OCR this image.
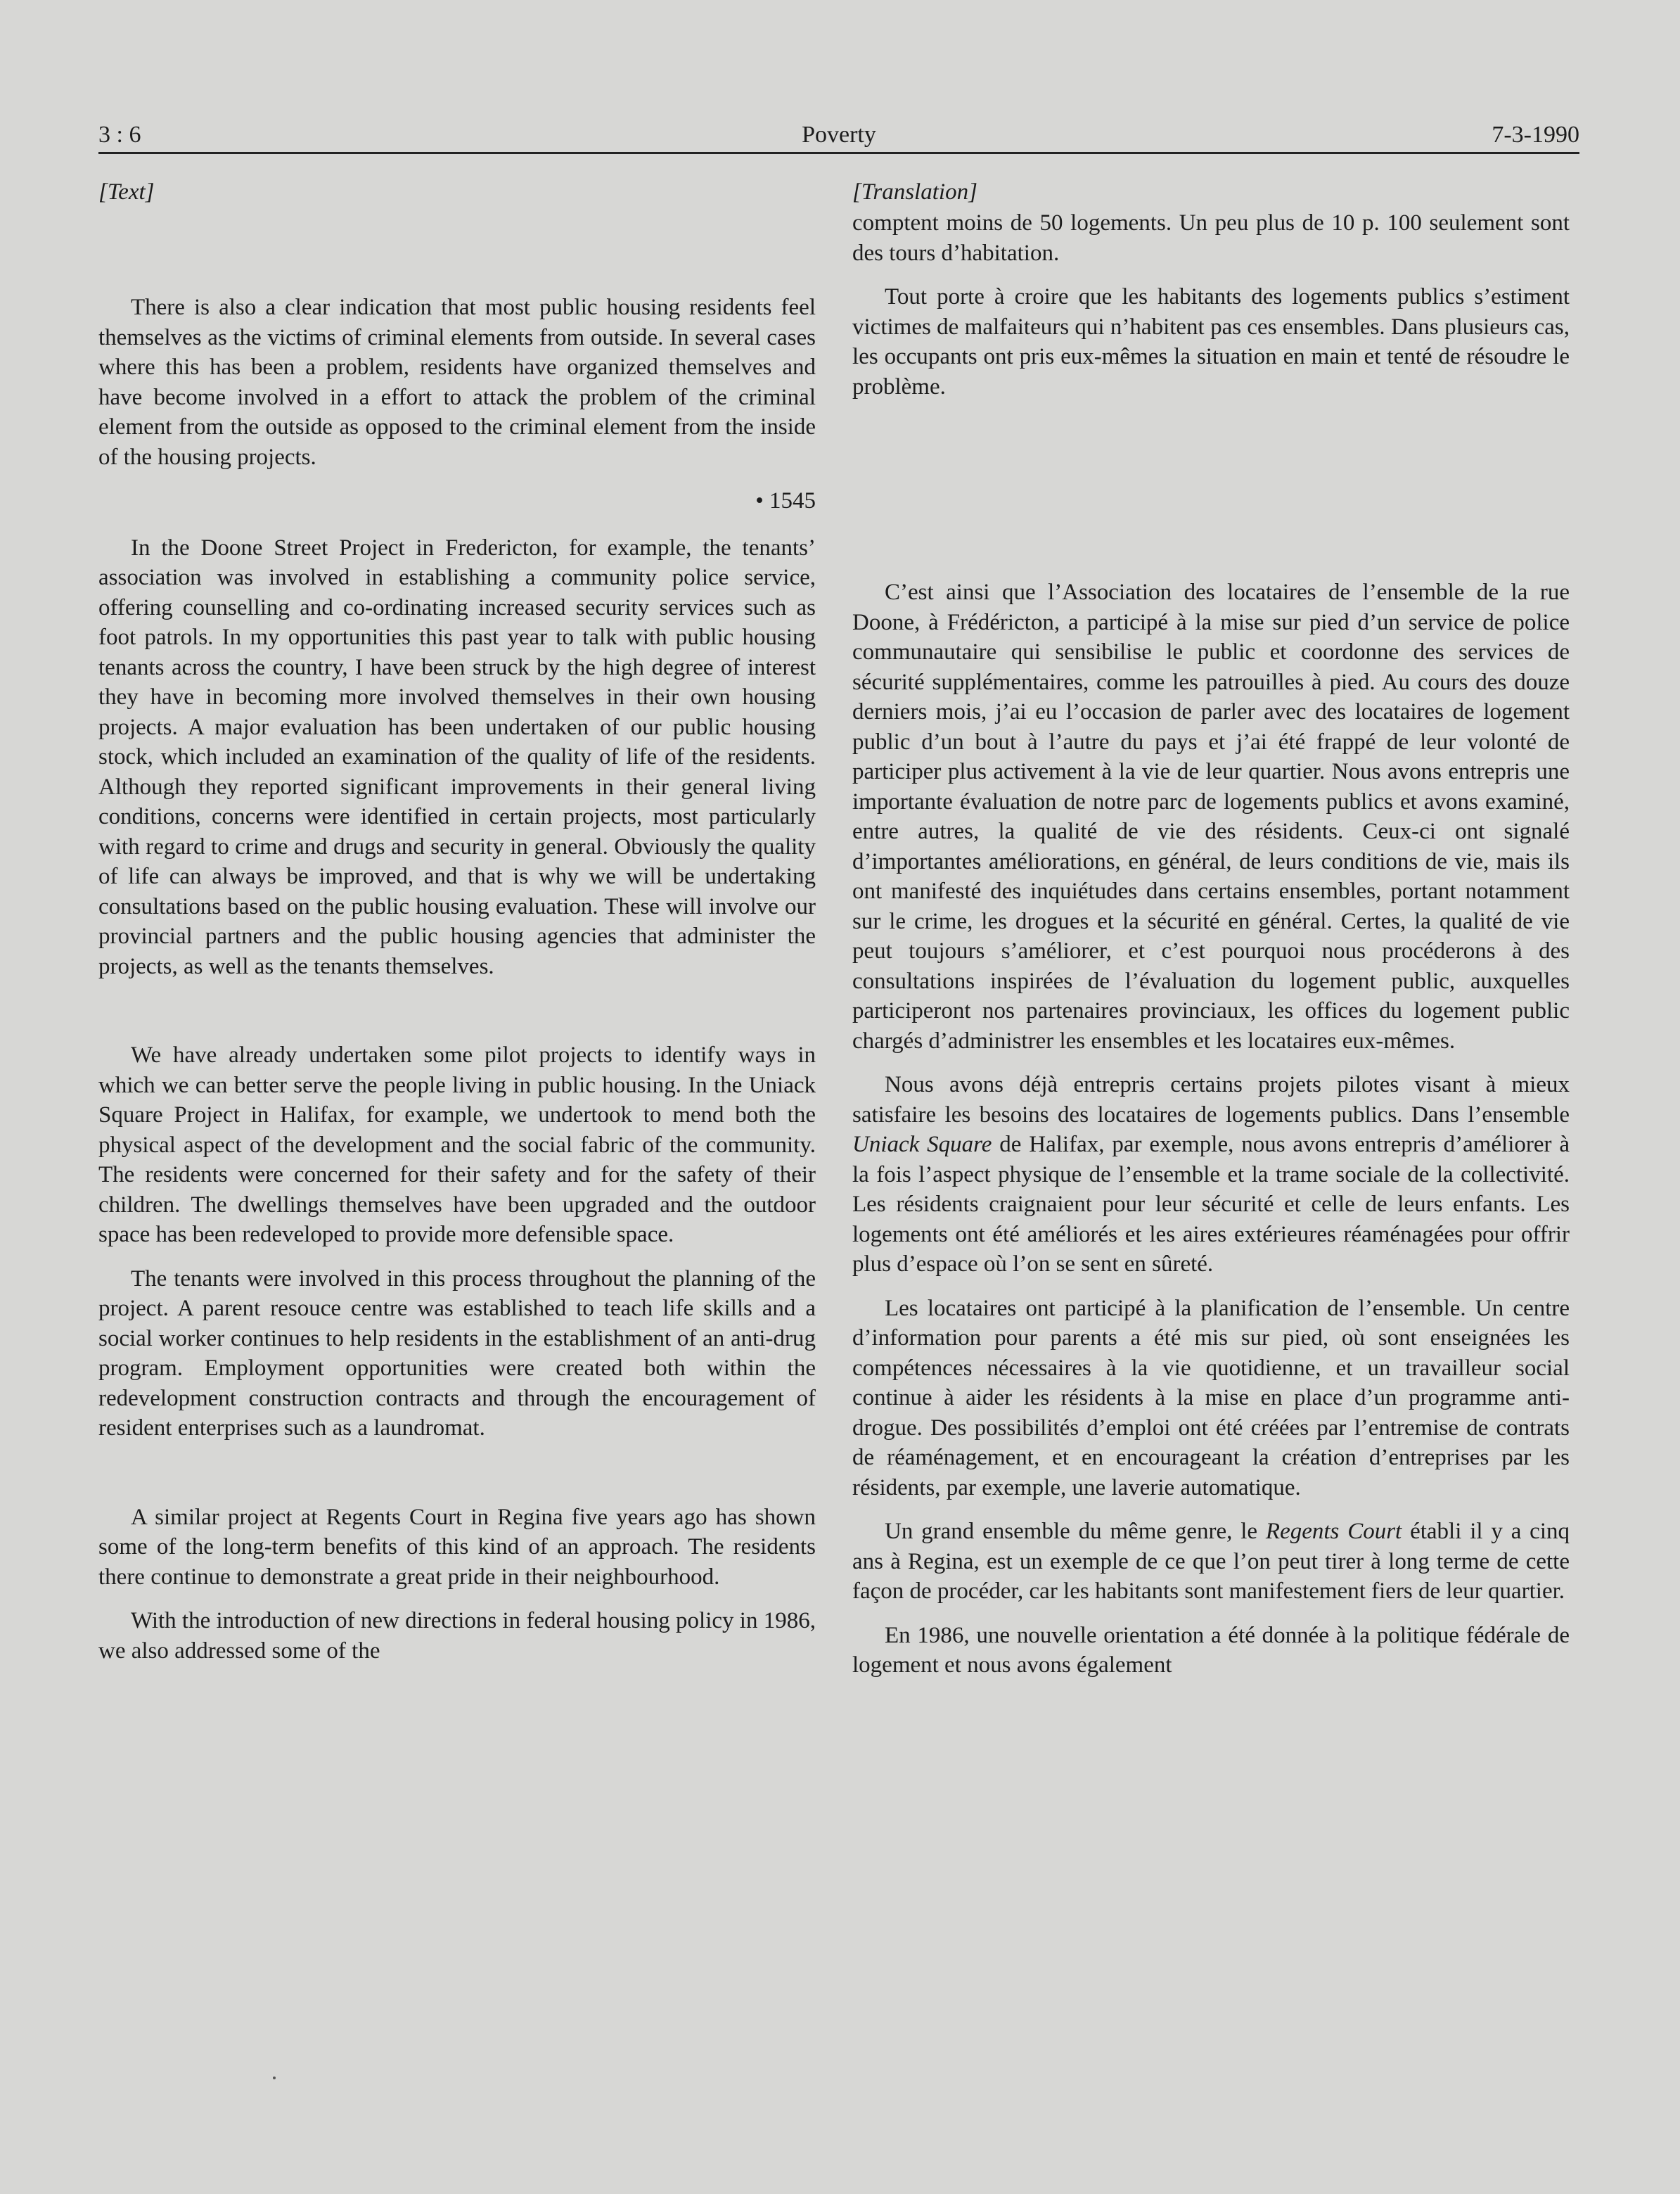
3 : 6	Poverty	7-3-1990
[Text]

There is also a clear indication that most public housing residents feel themselves as the victims of criminal elements from outside. In several cases where this has been a problem, residents have organized themselves and have become involved in a effort to attack the problem of the criminal element from the outside as opposed to the criminal element from the inside of the housing projects.

• 1545

In the Doone Street Project in Fredericton, for example, the tenants’ association was involved in establishing a community police service, offering counselling and co-ordinating increased security services such as foot patrols. In my opportunities this past year to talk with public housing tenants across the country, I have been struck by the high degree of interest they have in becoming more involved themselves in their own housing projects. A major evaluation has been undertaken of our public housing stock, which included an examination of the quality of life of the residents. Although they reported significant improvements in their general living conditions, concerns were identified in certain projects, most particularly with regard to crime and drugs and security in general. Obviously the quality of life can always be improved, and that is why we will be undertaking consultations based on the public housing evaluation. These will involve our provincial partners and the public housing agencies that administer the projects, as well as the tenants themselves.

We have already undertaken some pilot projects to identify ways in which we can better serve the people living in public housing. In the Uniack Square Project in Halifax, for example, we undertook to mend both the physical aspect of the development and the social fabric of the community. The residents were concerned for their safety and for the safety of their children. The dwellings themselves have been upgraded and the outdoor space has been redeveloped to provide more defensible space.

The tenants were involved in this process throughout the planning of the project. A parent resouce centre was established to teach life skills and a social worker continues to help residents in the establishment of an anti-drug program. Employment opportunities were created both within the redevelopment construction contracts and through the encouragement of resident enterprises such as a laundromat.

A similar project at Regents Court in Regina five years ago has shown some of the long-term benefits of this kind of an approach. The residents there continue to demonstrate a great pride in their neighbourhood.

With the introduction of new directions in federal housing policy in 1986, we also addressed some of the

[Translation]

comptent moins de 50 logements. Un peu plus de 10 p. 100 seulement sont des tours d’habitation.

Tout porte à croire que les habitants des logements publics s’estiment victimes de malfaiteurs qui n’habitent pas ces ensembles. Dans plusieurs cas, les occupants ont pris eux-mêmes la situation en main et tenté de résoudre le problème.

C’est ainsi que l’Association des locataires de l’ensemble de la rue Doone, à Frédéricton, a participé à la mise sur pied d’un service de police communautaire qui sensibilise le public et coordonne des services de sécurité supplémentaires, comme les patrouilles à pied. Au cours des douze derniers mois, j’ai eu l’occasion de parler avec des locataires de logement public d’un bout à l’autre du pays et j’ai été frappé de leur volonté de participer plus activement à la vie de leur quartier. Nous avons entrepris une importante évaluation de notre parc de logements publics et avons examiné, entre autres, la qualité de vie des résidents. Ceux-ci ont signalé d’importantes améliorations, en général, de leurs conditions de vie, mais ils ont manifesté des inquiétudes dans certains ensembles, portant notamment sur le crime, les drogues et la sécurité en général. Certes, la qualité de vie peut toujours s’améliorer, et c’est pourquoi nous procéderons à des consultations inspirées de l’évaluation du logement public, auxquelles participeront nos partenaires provinciaux, les offices du logement public chargés d’administrer les ensembles et les locataires eux-mêmes.

Nous avons déjà entrepris certains projets pilotes visant à mieux satisfaire les besoins des locataires de logements publics. Dans l’ensemble Uniack Square de Halifax, par exemple, nous avons entrepris d’améliorer à la fois l’aspect physique de l’ensemble et la trame sociale de la collectivité. Les résidents craignaient pour leur sécurité et celle de leurs enfants. Les logements ont été améliorés et les aires extérieures réaménagées pour offrir plus d’espace où l’on se sent en sûreté.

Les locataires ont participé à la planification de l’ensemble. Un centre d’information pour parents a été mis sur pied, où sont enseignées les compétences nécessaires à la vie quotidienne, et un travailleur social continue à aider les résidents à la mise en place d’un programme anti-drogue. Des possibilités d’emploi ont été créées par l’entremise de contrats de réaménagement, et en encourageant la création d’entreprises par les résidents, par exemple, une laverie automatique.

Un grand ensemble du même genre, le Regents Court établi il y a cinq ans à Regina, est un exemple de ce que l’on peut tirer à long terme de cette façon de procéder, car les habitants sont manifestement fiers de leur quartier.

En 1986, une nouvelle orientation a été donnée à la politique fédérale de logement et nous avons également
